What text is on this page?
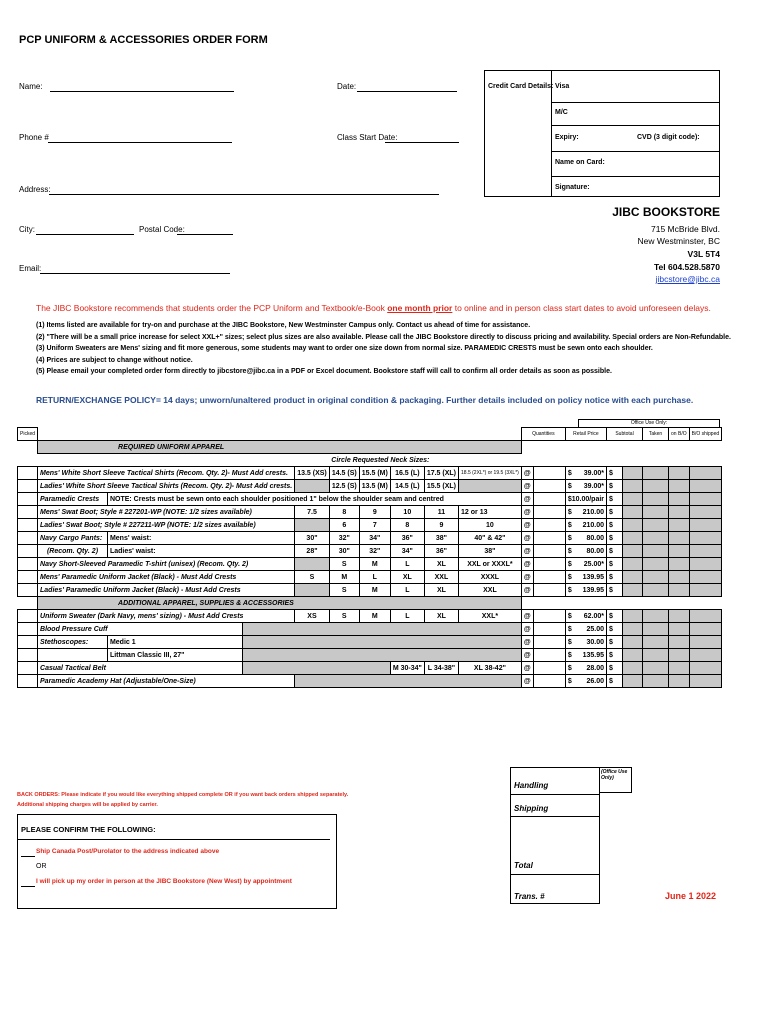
PCP UNIFORM & ACCESSORIES ORDER FORM
Name:	Date:
Phone #	Class Start Date:
Address:
City:	Postal Code:
Email:
Credit Card Details: Visa
M/C
Expiry:	CVD (3 digit code):
Name on Card:
Signature:
JIBC BOOKSTORE
715 McBride Blvd.
New Westminster, BC
V3L 5T4
Tel 604.528.5870
jibcstore@jibc.ca
The JIBC Bookstore recommends that students order the PCP Uniform and Textbook/e-Book one month prior to online and in person class start dates to avoid unforeseen delays.

(1) Items listed are available for try-on and purchase at the JIBC Bookstore, New Westminster Campus only. Contact us ahead of time for assistance.

(2) "There will be a small price increase for select XXL+" sizes; select plus sizes are also available. Please call the JIBC Bookstore directly to discuss pricing and availability. Special orders are Non-Refundable.

(3) Uniform Sweaters are Mens' sizing and fit more generous, some students may want to order one size down from normal size. PARAMEDIC CRESTS must be sewn onto each shoulder.

(4) Prices are subject to change without notice.

(5) Please email your completed order form directly to jibcstore@jibc.ca in a PDF or Excel document. Bookstore staff will call to confirm all order details as soon as possible.

RETURN/EXCHANGE POLICY= 14 days; unworn/unaltered product in original condition & packaging. Further details included on policy notice with each purchase.
Office Use Only:
Picked										Quantities		Retail Price	Subtotal		Taken	on B/O	B/O shipped
	REQUIRED UNIFORM APPAREL																
					Circle Requested Neck Sizes:												
	Mens' White Short Sleeve Tactical Shirts (Recom. Qty. 2)- Must Add crests.			13.5 (XS)	14.5 (S)	15.5 (M)	16.5 (L)	17.5 (XL)	18.5 (2XL*) or 19.5 (3XL*)	@		$ 39.00*	$				
	Ladies' White Short Sleeve Tactical Shirts (Recom. Qty. 2)- Must Add crests.				12.5 (S)	13.5 (M)	14.5 (L)	15.5 (XL)		@		$ 39.00*	$				
	Paramedic Crests	NOTE: Crests must be sewn onto each shoulder positioned 1" below the shoulder seam and centred								@		$10.00/pair	$				
	Mens' Swat Boot; Style # 227201-WP (NOTE: 1/2 sizes available)			7.5	8	9	10	11	12 or 13	@		$ 210.00	$				
	Ladies' Swat Boot; Style # 227211-WP (NOTE: 1/2 sizes available)				6	7	8	9	10	@		$ 210.00	$				
	Navy Cargo Pants:	Mens' waist:		30"	32"	34"	36"	38"	40" & 42"	@		$ 80.00	$				
	(Recom. Qty. 2)	Ladies' waist:		28"	30"	32"	34"	36"	38"	@		$ 80.00	$				
	Navy Short-Sleeved Paramedic T-shirt (unisex) (Recom. Qty. 2)				S	M	L	XL	XXL or XXXL*	@		$ 25.00*	$				
	Mens' Paramedic Uniform Jacket (Black) - Must Add Crests			S	M	L	XL	XXL	XXXL	@		$ 139.95	$				
	Ladies' Paramedic Uniform Jacket (Black) - Must Add Crests				S	M	L	XL	XXL	@		$ 139.95	$				
	ADDITIONAL APPAREL, SUPPLIES & ACCESSORIES																
	Uniform Sweater (Dark Navy, mens' sizing) - Must Add Crests			XS	S	M	L	XL	XXL*	@		$ 62.00*	$				
	Blood Pressure Cuff									@		$ 25.00	$				
	Stethoscopes:	Medic 1								@		$ 30.00	$				
		Littman Classic III, 27"								@		$ 135.95	$				
	Casual Tactical Belt						M 30-34"	L 34-38"	XL 38-42"	@		$ 28.00	$				
	Paramedic Academy Hat (Adjustable/One-Size)									@		$ 26.00	$				
Handling
Shipping
Total
Trans. #
(Office Use Only)
BACK ORDERS: Please indicate if you would like everything shipped complete OR if you want back orders shipped separately.
Additional shipping charges will be applied by carrier.
PLEASE CONFIRM THE FOLLOWING:
Ship Canada Post/Purolator to the address indicated above
OR
I will pick up my order in person at the JIBC Bookstore (New West) by appointment
June 1 2022
